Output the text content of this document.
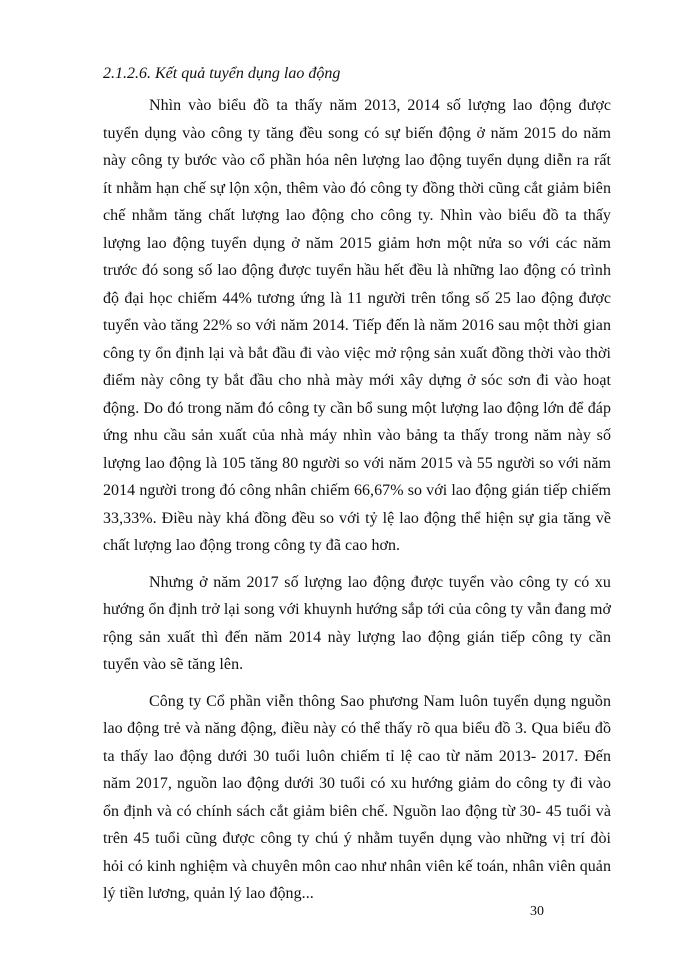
2.1.2.6. Kết quả tuyển dụng lao động

Nhìn vào biểu đồ ta thấy năm 2013, 2014 số lượng lao động được tuyển dụng vào công ty tăng đều song có sự biến động ở năm 2015 do năm này công ty bước vào cổ phần hóa nên lượng lao động tuyển dụng diễn ra rất ít nhằm hạn chế sự lộn xộn, thêm vào đó công ty đồng thời cũng cắt giảm biên chế nhằm tăng chất lượng lao động cho công ty. Nhìn vào biểu đồ ta thấy lượng lao động tuyển dụng ở năm 2015 giảm hơn một nửa so với các năm trước đó song số lao động được tuyển hầu hết đều là những lao động có trình độ đại học chiếm 44% tương ứng là 11 người trên tổng số 25 lao động được tuyển vào tăng 22% so với năm 2014. Tiếp đến là năm 2016 sau một thời gian công ty ổn định lại và bắt đầu đi vào việc mở rộng sản xuất đồng thời vào thời điểm này công ty bắt đầu cho nhà mày mới xây dựng ở sóc sơn đi vào hoạt động. Do đó trong năm đó công ty cần bổ sung một lượng lao động lớn để đáp ứng nhu cầu sản xuất của nhà máy nhìn vào bảng ta thấy trong năm này số lượng lao động là 105 tăng 80 người so với năm 2015 và 55 người so với năm 2014 người trong đó công nhân chiếm 66,67% so với lao động gián tiếp chiếm 33,33%. Điều này khá đồng đều so với tỷ lệ lao động thể hiện sự gia tăng về chất lượng lao động trong công ty đã cao hơn.

Nhưng ở năm 2017 số lượng lao động được tuyển vào công ty có xu hướng ổn định trở lại song với khuynh hướng sắp tới của công ty vẫn đang mở rộng sản xuất thì đến năm 2014 này lượng lao động gián tiếp công ty cần tuyển vào sẽ tăng lên.

Công ty Cổ phần viễn thông Sao phương Nam luôn tuyển dụng nguồn lao động trẻ và năng động, điều này có thể thấy rõ qua biểu đồ 3. Qua biểu đồ ta thấy lao động dưới 30 tuổi luôn chiếm tỉ lệ cao từ năm 2013- 2017. Đến năm 2017, nguồn lao động dưới 30 tuổi có xu hướng giảm do công ty đi vào ổn định và có chính sách cắt giảm biên chế. Nguồn lao động từ 30- 45 tuổi và trên 45 tuổi cũng được công ty chú ý nhằm tuyển dụng vào những vị trí đòi hỏi có kinh nghiệm và chuyên môn cao như nhân viên kế toán, nhân viên quản lý tiền lương, quản lý lao động...

30
